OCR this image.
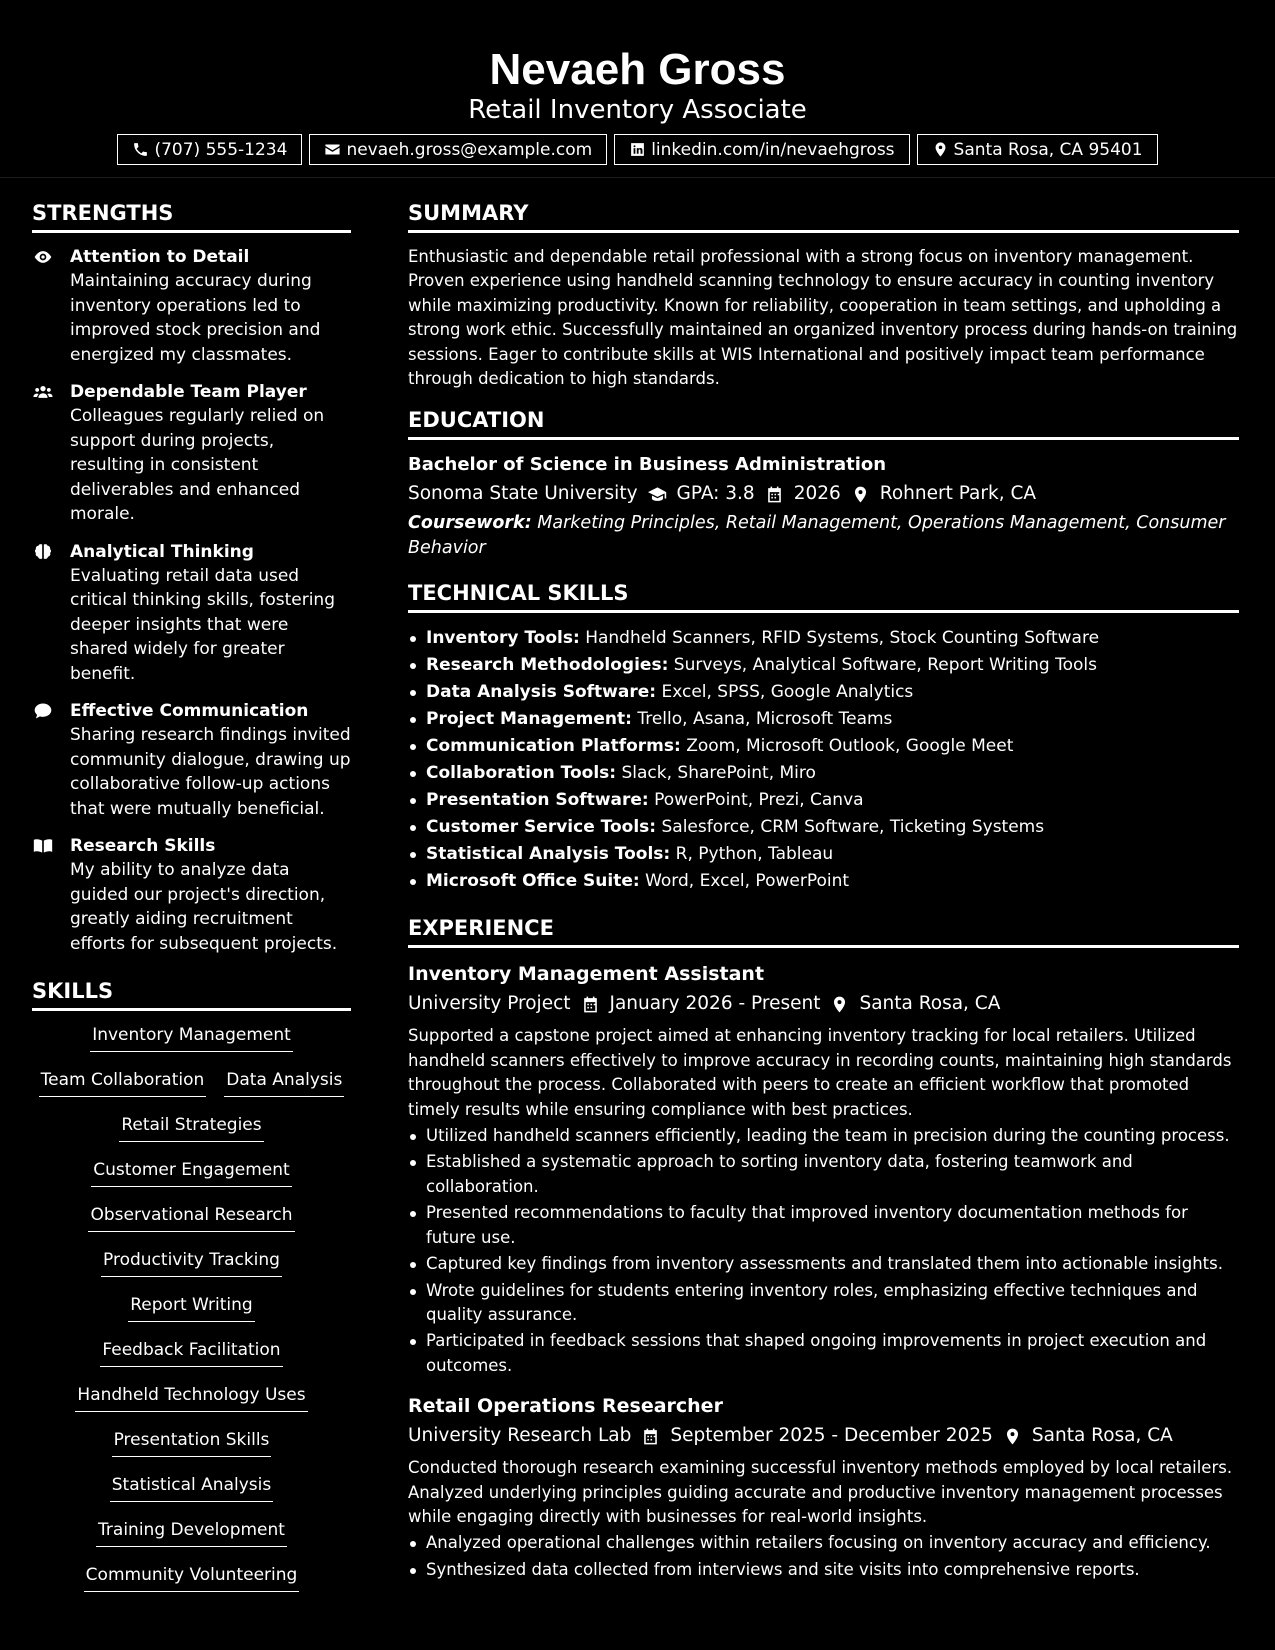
Nevaeh Gross
Retail Inventory Associate
(707) 555-1234	nevaeh.gross@example.com	linkedin.com/in/nevaehgross	Santa Rosa, CA 95401
STRENGTHS
Attention to Detail
Maintaining accuracy during inventory operations led to improved stock precision and energized my classmates.
Dependable Team Player
Colleagues regularly relied on support during projects, resulting in consistent deliverables and enhanced morale.
Analytical Thinking
Evaluating retail data used critical thinking skills, fostering deeper insights that were shared widely for greater benefit.
Effective Communication
Sharing research findings invited community dialogue, drawing up collaborative follow-up actions that were mutually beneficial.
Research Skills
My ability to analyze data guided our project's direction, greatly aiding recruitment efforts for subsequent projects.
SKILLS
Inventory Management
Team Collaboration Data Analysis
Retail Strategies
Customer Engagement
Observational Research
Productivity Tracking
Report Writing
Feedback Facilitation
Handheld Technology Uses
Presentation Skills
Statistical Analysis
Training Development
Community Volunteering
SUMMARY
Enthusiastic and dependable retail professional with a strong focus on inventory management. Proven experience using handheld scanning technology to ensure accuracy in counting inventory while maximizing productivity. Known for reliability, cooperation in team settings, and upholding a strong work ethic. Successfully maintained an organized inventory process during hands-on training sessions. Eager to contribute skills at WIS International and positively impact team performance through dedication to high standards.
EDUCATION
Bachelor of Science in Business Administration
Sonoma State University GPA: 3.8 2026 Rohnert Park, CA
Coursework: Marketing Principles, Retail Management, Operations Management, Consumer Behavior
TECHNICAL SKILLS
Inventory Tools: Handheld Scanners, RFID Systems, Stock Counting Software
Research Methodologies: Surveys, Analytical Software, Report Writing Tools
Data Analysis Software: Excel, SPSS, Google Analytics
Project Management: Trello, Asana, Microsoft Teams
Communication Platforms: Zoom, Microsoft Outlook, Google Meet
Collaboration Tools: Slack, SharePoint, Miro
Presentation Software: PowerPoint, Prezi, Canva
Customer Service Tools: Salesforce, CRM Software, Ticketing Systems
Statistical Analysis Tools: R, Python, Tableau
Microsoft Office Suite: Word, Excel, PowerPoint
EXPERIENCE
Inventory Management Assistant
University Project January 2026 - Present Santa Rosa, CA
Supported a capstone project aimed at enhancing inventory tracking for local retailers. Utilized handheld scanners effectively to improve accuracy in recording counts, maintaining high standards throughout the process. Collaborated with peers to create an efficient workflow that promoted timely results while ensuring compliance with best practices.
Utilized handheld scanners efficiently, leading the team in precision during the counting process.
Established a systematic approach to sorting inventory data, fostering teamwork and collaboration.
Presented recommendations to faculty that improved inventory documentation methods for future use.
Captured key findings from inventory assessments and translated them into actionable insights.
Wrote guidelines for students entering inventory roles, emphasizing effective techniques and quality assurance.
Participated in feedback sessions that shaped ongoing improvements in project execution and outcomes.
Retail Operations Researcher
University Research Lab September 2025 - December 2025 Santa Rosa, CA
Conducted thorough research examining successful inventory methods employed by local retailers. Analyzed underlying principles guiding accurate and productive inventory management processes while engaging directly with businesses for real-world insights.
Analyzed operational challenges within retailers focusing on inventory accuracy and efficiency.
Synthesized data collected from interviews and site visits into comprehensive reports.
